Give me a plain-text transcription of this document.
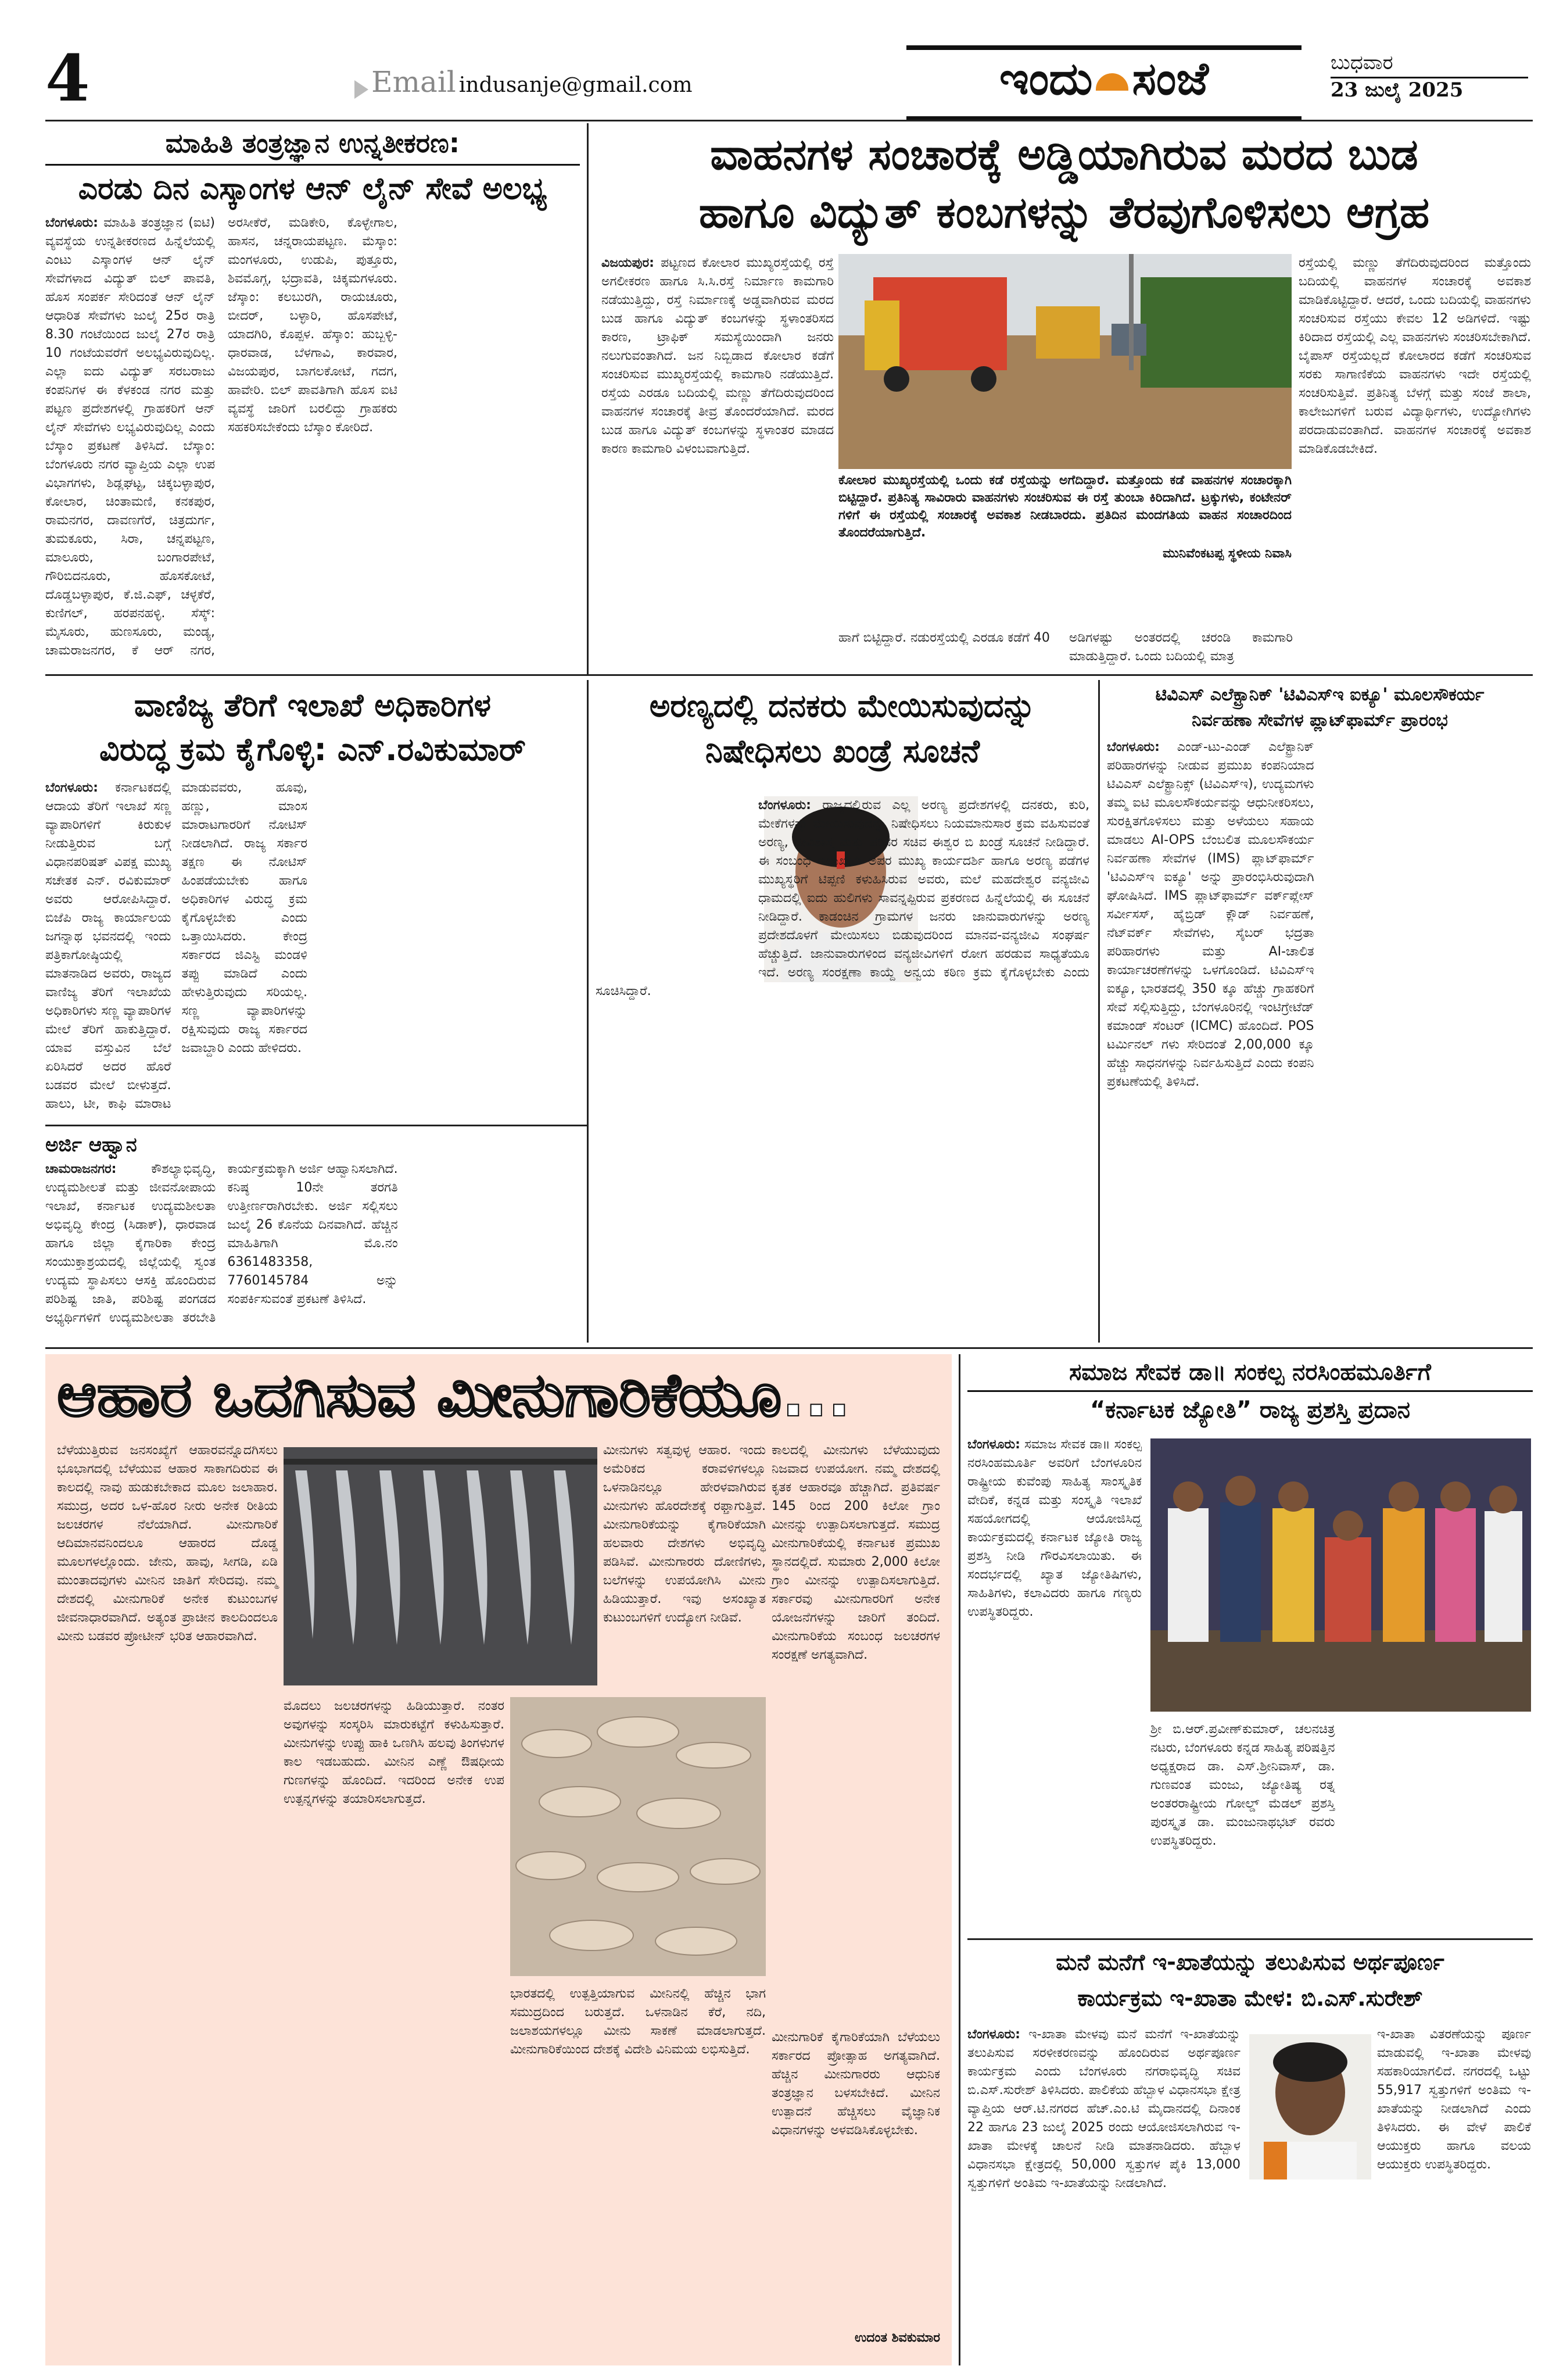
4	Email indusanje@gmail.com	ಇಂದು ಸಂಜೆ	ಬುಧವಾರ
23 ಜುಲೈ 2025
ಮಾಹಿತಿ ತಂತ್ರಜ್ಞಾನ ಉನ್ನತೀಕರಣ:
ಎರಡು ದಿನ ಎಸ್ಕಾಂಗಳ ಆನ್ ಲೈನ್ ಸೇವೆ ಅಲಭ್ಯ
ಬೆಂಗಳೂರು: ಮಾಹಿತಿ ತಂತ್ರಜ್ಞಾನ (ಐಟಿ) ವ್ಯವಸ್ಥೆಯ ಉನ್ನತೀಕರಣದ ಹಿನ್ನೆಲೆಯಲ್ಲಿ ಎಂಟು ಎಸ್ಕಾಂಗಳ ಆನ್ ಲೈನ್ ಸೇವೆಗಳಾದ ವಿದ್ಯುತ್ ಬಿಲ್ ಪಾವತಿ, ಹೊಸ ಸಂಪರ್ಕ ಸೇರಿದಂತೆ ಆನ್ ಲೈನ್ ಆಧಾರಿತ ಸೇವೆಗಳು ಜುಲೈ 25ರ ರಾತ್ರಿ 8.30 ಗಂಟೆಯಿಂದ ಜುಲೈ 27ರ ರಾತ್ರಿ 10 ಗಂಟೆಯವರೆಗೆ ಅಲಭ್ಯವಿರುವುದಿಲ್ಲ. ಎಲ್ಲಾ ಐದು ವಿದ್ಯುತ್ ಸರಬರಾಜು ಕಂಪನಿಗಳ ಈ ಕೆಳಕಂಡ ನಗರ ಮತ್ತು ಪಟ್ಟಣ ಪ್ರದೇಶಗಳಲ್ಲಿ ಗ್ರಾಹಕರಿಗೆ ಆನ್ ಲೈನ್ ಸೇವೆಗಳು ಲಭ್ಯವಿರುವುದಿಲ್ಲ ಎಂದು ಬೆಸ್ಕಾಂ ಪ್ರಕಟಣೆ ತಿಳಿಸಿದೆ. ಬೆಸ್ಕಾಂ: ಬೆಂಗಳೂರು ನಗರ ವ್ಯಾಪ್ತಿಯ ಎಲ್ಲಾ ಉಪ ವಿಭಾಗಗಳು, ಶಿಡ್ಲಘಟ್ಟ, ಚಿಕ್ಕಬಳ್ಳಾಪುರ, ಕೋಲಾರ, ಚಿಂತಾಮಣಿ, ಕನಕಪುರ, ರಾಮನಗರ, ದಾವಣಗೆರೆ, ಚಿತ್ರದುರ್ಗ, ತುಮಕೂರು, ಸಿರಾ, ಚನ್ನಪಟ್ಟಣ, ಮಾಲೂರು, ಬಂಗಾರಪೇಟೆ, ಗೌರಿಬಿದನೂರು, ಹೊಸಕೋಟೆ, ದೊಡ್ಡಬಳ್ಳಾಪುರ, ಕೆ.ಜಿ.ಎಫ್, ಚಳ್ಳಕೆರೆ, ಕುಣಿಗಲ್, ಹರಪನಹಳ್ಳಿ. ಸೆಸ್ಕ್: ಮೈಸೂರು, ಹುಣಸೂರು, ಮಂಡ್ಯ, ಚಾಮರಾಜನಗರ, ಕೆ ಆರ್ ನಗರ, ಅರಸೀಕೆರೆ, ಮಡಿಕೇರಿ, ಕೊಳ್ಳೇಗಾಲ, ಹಾಸನ, ಚನ್ನರಾಯಪಟ್ಟಣ. ಮೆಸ್ಕಾಂ: ಮಂಗಳೂರು, ಉಡುಪಿ, ಪುತ್ತೂರು, ಶಿವಮೊಗ್ಗ, ಭದ್ರಾವತಿ, ಚಿಕ್ಕಮಗಳೂರು. ಜೆಸ್ಕಾಂ: ಕಲಬುರಗಿ, ರಾಯಚೂರು, ಬೀದರ್, ಬಳ್ಳಾರಿ, ಹೊಸಪೇಟೆ, ಯಾದಗಿರಿ, ಕೊಪ್ಪಳ. ಹೆಸ್ಕಾಂ: ಹುಬ್ಬಳ್ಳಿ-ಧಾರವಾಡ, ಬೆಳಗಾವಿ, ಕಾರವಾರ, ವಿಜಯಪುರ, ಬಾಗಲಕೋಟೆ, ಗದಗ, ಹಾವೇರಿ. ಬಿಲ್ ಪಾವತಿಗಾಗಿ ಹೊಸ ಐಟಿ ವ್ಯವಸ್ಥೆ ಜಾರಿಗೆ ಬರಲಿದ್ದು ಗ್ರಾಹಕರು ಸಹಕರಿಸಬೇಕೆಂದು ಬೆಸ್ಕಾಂ ಕೋರಿದೆ.
ವಾಹನಗಳ ಸಂಚಾರಕ್ಕೆ ಅಡ್ಡಿಯಾಗಿರುವ ಮರದ ಬುಡ
ಹಾಗೂ ವಿದ್ಯುತ್ ಕಂಬಗಳನ್ನು ತೆರವುಗೊಳಿಸಲು ಆಗ್ರಹ
ವಿಜಯಪುರ: ಪಟ್ಟಣದ ಕೋಲಾರ ಮುಖ್ಯರಸ್ತೆಯಲ್ಲಿ ರಸ್ತೆ ಅಗಲೀಕರಣ ಹಾಗೂ ಸಿ.ಸಿ.ರಸ್ತೆ ನಿರ್ಮಾಣ ಕಾಮಗಾರಿ ನಡೆಯುತ್ತಿದ್ದು, ರಸ್ತೆ ನಿರ್ಮಾಣಕ್ಕೆ ಅಡ್ಡವಾಗಿರುವ ಮರದ ಬುಡ ಹಾಗೂ ವಿದ್ಯುತ್ ಕಂಬಗಳನ್ನು ಸ್ಥಳಾಂತರಿಸದ ಕಾರಣ, ಟ್ರಾಫಿಕ್ ಸಮಸ್ಯೆಯಿಂದಾಗಿ ಜನರು ನಲುಗುವಂತಾಗಿದೆ. ಜನ ನಿಬ್ಬಿಡಾದ ಕೋಲಾರ ಕಡೆಗೆ ಸಂಚರಿಸುವ ಮುಖ್ಯರಸ್ತೆಯಲ್ಲಿ ಕಾಮಗಾರಿ ನಡೆಯುತ್ತಿದೆ. ರಸ್ತೆಯ ಎರಡೂ ಬದಿಯಲ್ಲಿ ಮಣ್ಣು ತೆಗೆದಿರುವುದರಿಂದ ವಾಹನಗಳ ಸಂಚಾರಕ್ಕೆ ತೀವ್ರ ತೊಂದರೆಯಾಗಿದೆ. ಮರದ ಬುಡ ಹಾಗೂ ವಿದ್ಯುತ್ ಕಂಬಗಳನ್ನು ಸ್ಥಳಾಂತರ ಮಾಡದ ಕಾರಣ ಕಾಮಗಾರಿ ವಿಳಂಬವಾಗುತ್ತಿದೆ.
ಕೋಲಾರ ಮುಖ್ಯರಸ್ತೆಯಲ್ಲಿ ಒಂದು ಕಡೆ ರಸ್ತೆಯನ್ನು ಅಗೆದಿದ್ದಾರೆ. ಮತ್ತೊಂದು ಕಡೆ ವಾಹನಗಳ ಸಂಚಾರಕ್ಕಾಗಿ ಬಿಟ್ಟಿದ್ದಾರೆ. ಪ್ರತಿನಿತ್ಯ ಸಾವಿರಾರು ವಾಹನಗಳು ಸಂಚರಿಸುವ ಈ ರಸ್ತೆ ತುಂಬಾ ಕಿರಿದಾಗಿದೆ. ಟ್ರಕ್ಕುಗಳು, ಕಂಟೇನರ್ ಗಳಿಗೆ ಈ ರಸ್ತೆಯಲ್ಲಿ ಸಂಚಾರಕ್ಕೆ ಅವಕಾಶ ನೀಡಬಾರದು. ಪ್ರತಿದಿನ ಮಂದಗತಿಯ ವಾಹನ ಸಂಚಾರದಿಂದ ತೊಂದರೆಯಾಗುತ್ತಿದೆ.
ಮುನಿವೆಂಕಟಪ್ಪ ಸ್ಥಳೀಯ ನಿವಾಸಿ
ಹಾಗೆ ಬಿಟ್ಟಿದ್ದಾರೆ. ನಡುರಸ್ತೆಯಲ್ಲಿ ಎರಡೂ ಕಡೆಗೆ 40	ಅಡಿಗಳಷ್ಟು ಅಂತರದಲ್ಲಿ ಚರಂಡಿ ಕಾಮಗಾರಿ ಮಾಡುತ್ತಿದ್ದಾರೆ. ಒಂದು ಬದಿಯಲ್ಲಿ ಮಾತ್ರ
ರಸ್ತೆಯಲ್ಲಿ ಮಣ್ಣು ತೆಗೆದಿರುವುದರಿಂದ ಮತ್ತೊಂದು ಬದಿಯಲ್ಲಿ ವಾಹನಗಳ ಸಂಚಾರಕ್ಕೆ ಅವಕಾಶ ಮಾಡಿಕೊಟ್ಟಿದ್ದಾರೆ. ಆದರೆ, ಒಂದು ಬದಿಯಲ್ಲಿ ವಾಹನಗಳು ಸಂಚರಿಸುವ ರಸ್ತೆಯು ಕೇವಲ 12 ಅಡಿಗಳಿದೆ. ಇಷ್ಟು ಕಿರಿದಾದ ರಸ್ತೆಯಲ್ಲಿ ಎಲ್ಲ ವಾಹನಗಳು ಸಂಚರಿಸಬೇಕಾಗಿದೆ. ಬೈಪಾಸ್ ರಸ್ತೆಯಲ್ಲದೆ ಕೋಲಾರದ ಕಡೆಗೆ ಸಂಚರಿಸುವ ಸರಕು ಸಾಗಾಣಿಕೆಯ ವಾಹನಗಳು ಇದೇ ರಸ್ತೆಯಲ್ಲಿ ಸಂಚರಿಸುತ್ತಿವೆ. ಪ್ರತಿನಿತ್ಯ ಬೆಳಗ್ಗೆ ಮತ್ತು ಸಂಜೆ ಶಾಲಾ, ಕಾಲೇಜುಗಳಿಗೆ ಬರುವ ವಿದ್ಯಾರ್ಥಿಗಳು, ಉದ್ಯೋಗಿಗಳು ಪರದಾಡುವಂತಾಗಿದೆ. ವಾಹನಗಳ ಸಂಚಾರಕ್ಕೆ ಅವಕಾಶ ಮಾಡಿಕೊಡಬೇಕಿದೆ.
ವಾಣಿಜ್ಯ ತೆರಿಗೆ ಇಲಾಖೆ ಅಧಿಕಾರಿಗಳ
ವಿರುದ್ಧ ಕ್ರಮ ಕೈಗೊಳ್ಳಿ: ಎನ್.ರವಿಕುಮಾರ್
ಬೆಂಗಳೂರು: ಕರ್ನಾಟಕದಲ್ಲಿ ಆದಾಯ ತೆರಿಗೆ ಇಲಾಖೆ ಸಣ್ಣ ವ್ಯಾಪಾರಿಗಳಿಗೆ ಕಿರುಕುಳ ನೀಡುತ್ತಿರುವ ಬಗ್ಗೆ ವಿಧಾನಪರಿಷತ್ ವಿಪಕ್ಷ ಮುಖ್ಯ ಸಚೇತಕ ಎನ್. ರವಿಕುಮಾರ್ ಅವರು ಆರೋಪಿಸಿದ್ದಾರೆ. ಬಿಜೆಪಿ ರಾಜ್ಯ ಕಾರ್ಯಾಲಯ ಜಗನ್ನಾಥ ಭವನದಲ್ಲಿ ಇಂದು ಪತ್ರಿಕಾಗೋಷ್ಠಿಯಲ್ಲಿ ಮಾತನಾಡಿದ ಅವರು, ರಾಜ್ಯದ ವಾಣಿಜ್ಯ ತೆರಿಗೆ ಇಲಾಖೆಯ ಅಧಿಕಾರಿಗಳು ಸಣ್ಣ ವ್ಯಾಪಾರಿಗಳ ಮೇಲೆ ತೆರಿಗೆ ಹಾಕುತ್ತಿದ್ದಾರೆ. ಯಾವ ವಸ್ತುವಿನ ಬೆಲೆ ಏರಿಸಿದರೆ ಅದರ ಹೊರೆ ಬಡವರ ಮೇಲೆ ಬೀಳುತ್ತದೆ. ಹಾಲು, ಟೀ, ಕಾಫಿ ಮಾರಾಟ ಮಾಡುವವರು, ಹೂವು, ಹಣ್ಣು, ಮಾಂಸ ಮಾರಾಟಗಾರರಿಗೆ ನೋಟಿಸ್ ನೀಡಲಾಗಿದೆ. ರಾಜ್ಯ ಸರ್ಕಾರ ತಕ್ಷಣ ಈ ನೋಟಿಸ್ ಹಿಂಪಡೆಯಬೇಕು ಹಾಗೂ ಅಧಿಕಾರಿಗಳ ವಿರುದ್ಧ ಕ್ರಮ ಕೈಗೊಳ್ಳಬೇಕು ಎಂದು ಒತ್ತಾಯಿಸಿದರು. ಕೇಂದ್ರ ಸರ್ಕಾರದ ಜಿಎಸ್ಟಿ ಮಂಡಳಿ ತಪ್ಪು ಮಾಡಿದೆ ಎಂದು ಹೇಳುತ್ತಿರುವುದು ಸರಿಯಲ್ಲ. ಸಣ್ಣ ವ್ಯಾಪಾರಿಗಳನ್ನು ರಕ್ಷಿಸುವುದು ರಾಜ್ಯ ಸರ್ಕಾರದ ಜವಾಬ್ದಾರಿ ಎಂದು ಹೇಳಿದರು.
ಅರಣ್ಯದಲ್ಲಿ ದನಕರು ಮೇಯಿಸುವುದನ್ನು
ನಿಷೇಧಿಸಲು ಖಂಡ್ರೆ ಸೂಚನೆ
ಬೆಂಗಳೂರು: ರಾಜ್ಯದಲ್ಲಿರುವ ಎಲ್ಲ ಅರಣ್ಯ ಪ್ರದೇಶಗಳಲ್ಲಿ ದನಕರು, ಕುರಿ, ಮೇಕೆಗಳನ್ನು ಮೇಯಿಸುವುದನ್ನು ನಿಷೇಧಿಸಲು ನಿಯಮಾನುಸಾರ ಕ್ರಮ ವಹಿಸುವಂತೆ ಅರಣ್ಯ, ಜೀವಿಶಾಸ್ತ್ರ ಮತ್ತು ಪರಿಸರ ಸಚಿವ ಈಶ್ವರ ಬಿ ಖಂಡ್ರೆ ಸೂಚನೆ ನೀಡಿದ್ದಾರೆ. ಈ ಸಂಬಂಧ ಇಲಾಖೆಯ ಅಪರ ಮುಖ್ಯ ಕಾರ್ಯದರ್ಶಿ ಹಾಗೂ ಅರಣ್ಯ ಪಡೆಗಳ ಮುಖ್ಯಸ್ಥರಿಗೆ ಟಿಪ್ಪಣಿ ಕಳುಹಿಸಿರುವ ಅವರು, ಮಲೆ ಮಹದೇಶ್ವರ ವನ್ಯಜೀವಿ ಧಾಮದಲ್ಲಿ ಐದು ಹುಲಿಗಳು ಸಾವನ್ನಪ್ಪಿರುವ ಪ್ರಕರಣದ ಹಿನ್ನೆಲೆಯಲ್ಲಿ ಈ ಸೂಚನೆ ನೀಡಿದ್ದಾರೆ. ಕಾಡಂಚಿನ ಗ್ರಾಮಗಳ ಜನರು ಜಾನುವಾರುಗಳನ್ನು ಅರಣ್ಯ ಪ್ರದೇಶದೊಳಗೆ ಮೇಯಿಸಲು ಬಿಡುವುದರಿಂದ ಮಾನವ-ವನ್ಯಜೀವಿ ಸಂಘರ್ಷ ಹೆಚ್ಚುತ್ತಿದೆ. ಜಾನುವಾರುಗಳಿಂದ ವನ್ಯಜೀವಿಗಳಿಗೆ ರೋಗ ಹರಡುವ ಸಾಧ್ಯತೆಯೂ ಇದೆ. ಅರಣ್ಯ ಸಂರಕ್ಷಣಾ ಕಾಯ್ದೆ ಅನ್ವಯ ಕಠಿಣ ಕ್ರಮ ಕೈಗೊಳ್ಳಬೇಕು ಎಂದು ಸೂಚಿಸಿದ್ದಾರೆ.
ಟಿವಿಎಸ್ ಎಲೆಕ್ಟ್ರಾನಿಕ್ 'ಟಿವಿಎಸ್‌ಇ ಐಕ್ಯೂ' ಮೂಲಸೌಕರ್ಯ
ನಿರ್ವಹಣಾ ಸೇವೆಗಳ ಪ್ಲಾಟ್‌ಫಾರ್ಮ್ ಪ್ರಾರಂಭ
ಬೆಂಗಳೂರು: ಎಂಡ್-ಟು-ಎಂಡ್ ಎಲೆಕ್ಟ್ರಾನಿಕ್ ಪರಿಹಾರಗಳನ್ನು ನೀಡುವ ಪ್ರಮುಖ ಕಂಪನಿಯಾದ ಟಿವಿಎಸ್ ಎಲೆಕ್ಟ್ರಾನಿಕ್ಸ್ (ಟಿವಿಎಸ್‌ಇ), ಉದ್ಯಮಗಳು ತಮ್ಮ ಐಟಿ ಮೂಲಸೌಕರ್ಯವನ್ನು ಆಧುನೀಕರಿಸಲು, ಸುರಕ್ಷಿತಗೊಳಿಸಲು ಮತ್ತು ಅಳೆಯಲು ಸಹಾಯ ಮಾಡಲು AI-OPS ಬೆಂಬಲಿತ ಮೂಲಸೌಕರ್ಯ ನಿರ್ವಹಣಾ ಸೇವೆಗಳ (IMS) ಪ್ಲಾಟ್‌ಫಾರ್ಮ್ 'ಟಿವಿಎಸ್‌ಇ ಐಕ್ಯೂ' ಅನ್ನು ಪ್ರಾರಂಭಿಸಿರುವುದಾಗಿ ಘೋಷಿಸಿದೆ. IMS ಪ್ಲಾಟ್‌ಫಾರ್ಮ್ ವರ್ಕ್‌ಪ್ಲೇಸ್ ಸರ್ವೀಸಸ್, ಹೈಬ್ರಿಡ್ ಕ್ಲೌಡ್ ನಿರ್ವಹಣೆ, ನೆಟ್‌ವರ್ಕ್ ಸೇವೆಗಳು, ಸೈಬರ್ ಭದ್ರತಾ ಪರಿಹಾರಗಳು ಮತ್ತು AI-ಚಾಲಿತ ಕಾರ್ಯಾಚರಣೆಗಳನ್ನು ಒಳಗೊಂಡಿದೆ. ಟಿವಿಎಸ್‌ಇ ಐಕ್ಯೂ, ಭಾರತದಲ್ಲಿ 350 ಕ್ಕೂ ಹೆಚ್ಚು ಗ್ರಾಹಕರಿಗೆ ಸೇವೆ ಸಲ್ಲಿಸುತ್ತಿದ್ದು, ಬೆಂಗಳೂರಿನಲ್ಲಿ ಇಂಟಿಗ್ರೇಟೆಡ್ ಕಮಾಂಡ್ ಸೆಂಟರ್ (ICMC) ಹೊಂದಿದೆ. POS ಟರ್ಮಿನಲ್ ಗಳು ಸೇರಿದಂತೆ 2,00,000 ಕ್ಕೂ ಹೆಚ್ಚು ಸಾಧನಗಳನ್ನು ನಿರ್ವಹಿಸುತ್ತಿದೆ ಎಂದು ಕಂಪನಿ ಪ್ರಕಟಣೆಯಲ್ಲಿ ತಿಳಿಸಿದೆ.
ಅರ್ಜಿ ಆಹ್ವಾನ
ಚಾಮರಾಜನಗರ:	ಕೌಶಲ್ಯಾಭಿವೃದ್ಧಿ, ಉದ್ಯಮಶೀಲತೆ ಮತ್ತು ಜೀವನೋಪಾಯ ಇಲಾಖೆ, ಕರ್ನಾಟಕ ಉದ್ಯಮಶೀಲತಾ ಅಭಿವೃದ್ಧಿ ಕೇಂದ್ರ (ಸಿಡಾಕ್), ಧಾರವಾಡ ಹಾಗೂ ಜಿಲ್ಲಾ ಕೈಗಾರಿಕಾ ಕೇಂದ್ರ ಸಂಯುಕ್ತಾಶ್ರಯದಲ್ಲಿ ಜಿಲ್ಲೆಯಲ್ಲಿ ಸ್ವಂತ ಉದ್ಯಮ ಸ್ಥಾಪಿಸಲು ಆಸಕ್ತಿ ಹೊಂದಿರುವ ಪರಿಶಿಷ್ಟ ಜಾತಿ, ಪರಿಶಿಷ್ಟ ಪಂಗಡದ ಅಭ್ಯರ್ಥಿಗಳಿಗೆ ಉದ್ಯಮಶೀಲತಾ ತರಬೇತಿ ಕಾರ್ಯಕ್ರಮಕ್ಕಾಗಿ ಅರ್ಜಿ ಆಹ್ವಾನಿಸಲಾಗಿದೆ. ಕನಿಷ್ಠ 10ನೇ ತರಗತಿ ಉತ್ತೀರ್ಣರಾಗಿರಬೇಕು. ಅರ್ಜಿ ಸಲ್ಲಿಸಲು ಜುಲೈ 26 ಕೊನೆಯ ದಿನವಾಗಿದೆ. ಹೆಚ್ಚಿನ ಮಾಹಿತಿಗಾಗಿ ಮೊ.ನಂ 6361483358, 7760145784 ಅನ್ನು ಸಂಪರ್ಕಿಸುವಂತೆ ಪ್ರಕಟಣೆ ತಿಳಿಸಿದೆ.
ಆಹಾರ ಒದಗಿಸುವ ಮೀನುಗಾರಿಕೆಯೂ...
ಬೆಳೆಯುತ್ತಿರುವ ಜನಸಂಖ್ಯೆಗೆ ಆಹಾರವನ್ನೊದಗಿಸಲು ಭೂಭಾಗದಲ್ಲಿ ಬೆಳೆಯುವ ಆಹಾರ ಸಾಕಾಗದಿರುವ ಈ ಕಾಲದಲ್ಲಿ ನಾವು ಹುಡುಕಬೇಕಾದ ಮೂಲ ಜಲಾಹಾರ. ಸಮುದ್ರ, ಅದರ ಒಳ-ಹೊರ ನೀರು ಅನೇಕ ರೀತಿಯ ಜಲಚರಗಳ ನೆಲೆಯಾಗಿದೆ. ಮೀನುಗಾರಿಕೆ ಆದಿಮಾನವನಿಂದಲೂ ಆಹಾರದ ದೊಡ್ಡ ಮೂಲಗಳಲ್ಲೊಂದು. ಜೇನು, ಹಾವು, ಸೀಗಡಿ, ಏಡಿ ಮುಂತಾದವುಗಳು ಮೀನಿನ ಜಾತಿಗೆ ಸೇರಿದವು. ನಮ್ಮ ದೇಶದಲ್ಲಿ ಮೀನುಗಾರಿಕೆ ಅನೇಕ ಕುಟುಂಬಗಳ ಜೀವನಾಧಾರವಾಗಿದೆ. ಅತ್ಯಂತ ಪ್ರಾಚೀನ ಕಾಲದಿಂದಲೂ ಮೀನು ಬಡವರ ಪ್ರೋಟೀನ್ ಭರಿತ ಆಹಾರವಾಗಿದೆ.
ಮೀನುಗಳು ಸತ್ವವುಳ್ಳ ಆಹಾರ. ಇಂದು ಅಮೆರಿಕದ ಕರಾವಳಿಗಳಲ್ಲೂ ಒಳನಾಡಿನಲ್ಲೂ ಹೇರಳವಾಗಿರುವ ಮೀನುಗಳು ಹೊರದೇಶಕ್ಕೆ ರಫ್ತಾಗುತ್ತಿವೆ. ಮೀನುಗಾರಿಕೆಯನ್ನು ಕೈಗಾರಿಕೆಯಾಗಿ ಹಲವಾರು ದೇಶಗಳು ಅಭಿವೃದ್ಧಿ ಪಡಿಸಿವೆ. ಮೀನುಗಾರರು ದೋಣಿಗಳು, ಬಲೆಗಳನ್ನು ಉಪಯೋಗಿಸಿ ಮೀನು ಹಿಡಿಯುತ್ತಾರೆ. ಇವು ಅಸಂಖ್ಯಾತ ಕುಟುಂಬಗಳಿಗೆ ಉದ್ಯೋಗ ನೀಡಿವೆ.
ಕಾಲದಲ್ಲಿ ಮೀನುಗಳು ಬೆಳೆಯುವುದು ನಿಜವಾದ ಉಪಯೋಗ. ನಮ್ಮ ದೇಶದಲ್ಲಿ ಕೃತಕ ಆಹಾರವೂ ಹೆಚ್ಚಾಗಿದೆ. ಪ್ರತಿವರ್ಷ 145 ರಿಂದ 200 ಕಿಲೋ ಗ್ರಾಂ ಮೀನನ್ನು ಉತ್ಪಾದಿಸಲಾಗುತ್ತದೆ. ಸಮುದ್ರ ಮೀನುಗಾರಿಕೆಯಲ್ಲಿ ಕರ್ನಾಟಕ ಪ್ರಮುಖ ಸ್ಥಾನದಲ್ಲಿದೆ. ಸುಮಾರು 2,000 ಕಿಲೋ ಗ್ರಾಂ ಮೀನನ್ನು ಉತ್ಪಾದಿಸಲಾಗುತ್ತಿದೆ. ಸರ್ಕಾರವು ಮೀನುಗಾರರಿಗೆ ಅನೇಕ ಯೋಜನೆಗಳನ್ನು ಜಾರಿಗೆ ತಂದಿದೆ. ಮೀನುಗಾರಿಕೆಯ ಸಂಬಂಧ ಜಲಚರಗಳ ಸಂರಕ್ಷಣೆ ಅಗತ್ಯವಾಗಿದೆ.
ಮೊದಲು ಜಲಚರಗಳನ್ನು ಹಿಡಿಯುತ್ತಾರೆ. ನಂತರ ಅವುಗಳನ್ನು ಸಂಸ್ಕರಿಸಿ ಮಾರುಕಟ್ಟೆಗೆ ಕಳುಹಿಸುತ್ತಾರೆ. ಮೀನುಗಳನ್ನು ಉಪ್ಪು ಹಾಕಿ ಒಣಗಿಸಿ ಹಲವು ತಿಂಗಳುಗಳ ಕಾಲ ಇಡಬಹುದು. ಮೀನಿನ ಎಣ್ಣೆ ಔಷಧೀಯ ಗುಣಗಳನ್ನು ಹೊಂದಿದೆ. ಇದರಿಂದ ಅನೇಕ ಉಪ ಉತ್ಪನ್ನಗಳನ್ನು ತಯಾರಿಸಲಾಗುತ್ತದೆ.
ಭಾರತದಲ್ಲಿ ಉತ್ಪತ್ತಿಯಾಗುವ ಮೀನಿನಲ್ಲಿ ಹೆಚ್ಚಿನ ಭಾಗ ಸಮುದ್ರದಿಂದ ಬರುತ್ತದೆ. ಒಳನಾಡಿನ ಕೆರೆ, ನದಿ, ಜಲಾಶಯಗಳಲ್ಲೂ ಮೀನು ಸಾಕಣೆ ಮಾಡಲಾಗುತ್ತದೆ. ಮೀನುಗಾರಿಕೆಯಿಂದ ದೇಶಕ್ಕೆ ವಿದೇಶಿ ವಿನಿಮಯ ಲಭಿಸುತ್ತಿದೆ.
ಮೀನುಗಾರಿಕೆ ಕೈಗಾರಿಕೆಯಾಗಿ ಬೆಳೆಯಲು ಸರ್ಕಾರದ ಪ್ರೋತ್ಸಾಹ ಅಗತ್ಯವಾಗಿದೆ. ಹೆಚ್ಚಿನ ಮೀನುಗಾರರು ಆಧುನಿಕ ತಂತ್ರಜ್ಞಾನ ಬಳಸಬೇಕಿದೆ. ಮೀನಿನ ಉತ್ಪಾದನೆ ಹೆಚ್ಚಿಸಲು ವೈಜ್ಞಾನಿಕ ವಿಧಾನಗಳನ್ನು ಅಳವಡಿಸಿಕೊಳ್ಳಬೇಕು.
ಉದಂತ ಶಿವಕುಮಾರ
ಸಮಾಜ ಸೇವಕ ಡಾ॥ ಸಂಕಲ್ಪ ನರಸಿಂಹಮೂರ್ತಿಗೆ
“ಕರ್ನಾಟಕ ಜ್ಯೋತಿ” ರಾಜ್ಯ ಪ್ರಶಸ್ತಿ ಪ್ರದಾನ
ಬೆಂಗಳೂರು: ಸಮಾಜ ಸೇವಕ ಡಾ॥ ಸಂಕಲ್ಪ ನರಸಿಂಹಮೂರ್ತಿ ಅವರಿಗೆ ಬೆಂಗಳೂರಿನ ರಾಷ್ಟ್ರೀಯ ಕುವೆಂಪು ಸಾಹಿತ್ಯ ಸಾಂಸ್ಕೃತಿಕ ವೇದಿಕೆ, ಕನ್ನಡ ಮತ್ತು ಸಂಸ್ಕೃತಿ ಇಲಾಖೆ ಸಹಯೋಗದಲ್ಲಿ ಆಯೋಜಿಸಿದ್ದ ಕಾರ್ಯಕ್ರಮದಲ್ಲಿ ಕರ್ನಾಟಕ ಜ್ಯೋತಿ ರಾಜ್ಯ ಪ್ರಶಸ್ತಿ ನೀಡಿ ಗೌರವಿಸಲಾಯಿತು. ಈ ಸಂದರ್ಭದಲ್ಲಿ ಖ್ಯಾತ ಜ್ಯೋತಿಷಿಗಳು, ಸಾಹಿತಿಗಳು, ಕಲಾವಿದರು ಹಾಗೂ ಗಣ್ಯರು ಉಪಸ್ಥಿತರಿದ್ದರು.
ಶ್ರೀ ಬಿ.ಆರ್.ಪ್ರವೀಣ್‌ಕುಮಾರ್, ಚಲನಚಿತ್ರ ನಟರು, ಬೆಂಗಳೂರು ಕನ್ನಡ ಸಾಹಿತ್ಯ ಪರಿಷತ್ತಿನ ಅಧ್ಯಕ್ಷರಾದ ಡಾ. ಎಸ್.ಶ್ರೀನಿವಾಸ್, ಡಾ. ಗುಣವಂತ ಮಂಜು, ಜ್ಯೋತಿಷ್ಯ ರತ್ನ ಅಂತರರಾಷ್ಟ್ರೀಯ ಗೋಲ್ಡ್ ಮೆಡಲ್ ಪ್ರಶಸ್ತಿ ಪುರಸ್ಕೃತ ಡಾ. ಮಂಜುನಾಥಭಟ್ ರವರು ಉಪಸ್ಥಿತರಿದ್ದರು.
ಮನೆ ಮನೆಗೆ ಇ-ಖಾತೆಯನ್ನು ತಲುಪಿಸುವ ಅರ್ಥಪೂರ್ಣ
ಕಾರ್ಯಕ್ರಮ ಇ-ಖಾತಾ ಮೇಳ: ಬಿ.ಎಸ್.ಸುರೇಶ್
ಬೆಂಗಳೂರು: ಇ-ಖಾತಾ ಮೇಳವು ಮನೆ ಮನೆಗೆ ಇ-ಖಾತೆಯನ್ನು ತಲುಪಿಸುವ ಸರಳೀಕರಣವನ್ನು ಹೊಂದಿರುವ ಅರ್ಥಪೂರ್ಣ ಕಾರ್ಯಕ್ರಮ ಎಂದು ಬೆಂಗಳೂರು ನಗರಾಭಿವೃದ್ಧಿ ಸಚಿವ ಬಿ.ಎಸ್.ಸುರೇಶ್ ತಿಳಿಸಿದರು. ಪಾಲಿಕೆಯ ಹೆಬ್ಬಾಳ ವಿಧಾನಸಭಾ ಕ್ಷೇತ್ರ ವ್ಯಾಪ್ತಿಯ ಆರ್.ಟಿ.ನಗರದ ಹೆಚ್.ಎಂ.ಟಿ ಮೈದಾನದಲ್ಲಿ ದಿನಾಂಕ 22 ಹಾಗೂ 23 ಜುಲೈ 2025 ರಂದು ಆಯೋಜಿಸಲಾಗಿರುವ ಇ-ಖಾತಾ ಮೇಳಕ್ಕೆ ಚಾಲನೆ ನೀಡಿ ಮಾತನಾಡಿದರು. ಹೆಬ್ಬಾಳ ವಿಧಾನಸಭಾ ಕ್ಷೇತ್ರದಲ್ಲಿ 50,000 ಸ್ವತ್ತುಗಳ ಪೈಕಿ 13,000 ಸ್ವತ್ತುಗಳಿಗೆ ಅಂತಿಮ ಇ-ಖಾತೆಯನ್ನು ನೀಡಲಾಗಿದೆ.
ಇ-ಖಾತಾ ವಿತರಣೆಯನ್ನು ಪೂರ್ಣ ಮಾಡುವಲ್ಲಿ ಇ-ಖಾತಾ ಮೇಳವು ಸಹಕಾರಿಯಾಗಲಿದೆ. ನಗರದಲ್ಲಿ ಒಟ್ಟು 55,917 ಸ್ವತ್ತುಗಳಿಗೆ ಅಂತಿಮ ಇ-ಖಾತೆಯನ್ನು ನೀಡಲಾಗಿದೆ ಎಂದು ತಿಳಿಸಿದರು. ಈ ವೇಳೆ ಪಾಲಿಕೆ ಆಯುಕ್ತರು ಹಾಗೂ ವಲಯ ಆಯುಕ್ತರು ಉಪಸ್ಥಿತರಿದ್ದರು.
